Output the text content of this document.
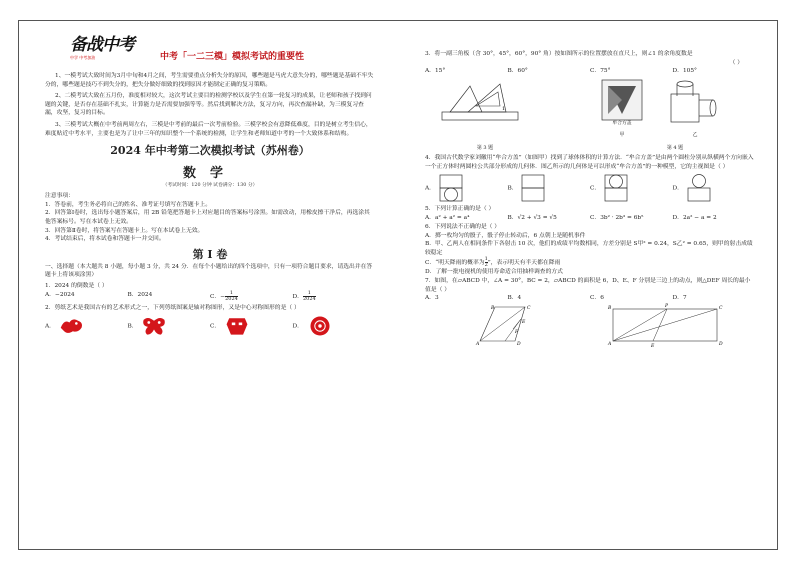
备战中考
中学 中考加油	中考「一二三模」模拟考试的重要性

1、一模考试大致时间为3月中旬和4月之间，考生需要重点分析失分的原因，哪些题是马虎大意失分的，哪些题是基础不牢失分的，哪些题是技巧不到失分的，把失分做好细致的找到原因才能制定正确的复习策略。

2、二模考试大致在五月份，准度相对较大，这次考试主要目的检测学校以及学生在第一轮复习的成果，让老师和孩子找到问题的关键，是否存在基础不扎实，计算能力是否需要加强等等。然后找到解决方法，复习方向，再次查漏补缺，为三模复习查漏，攻坚，复习的目标。

3、三模考试大概在中考前两周左右，三模是中考前的最后一次考前检验。三模学校会有意降低难度，目的是树立考生信心，难度贴近中考水平，主要也是为了让中三年的知识整个一个系统的检测，让学生和老师知道中考的一个大致体系和结构。

2024 年中考第二次模拟考试（苏州卷）
数学
（考试时间：120 分钟 试卷满分：130 分）

注意事项：

1．答卷前，考生务必将自己的姓名、准考证号填写在答题卡上。

2．回答第Ⅰ卷时，选出每小题答案后，用 2B 铅笔把答题卡上对应题目的答案标号涂黑。如需改动，用橡皮擦干净后，再选涂其他答案标号。写在本试卷上无效。

3．回答第Ⅱ卷时，将答案写在答题卡上。写在本试卷上无效。

4．考试结束后，将本试卷和答题卡一并交回。

第 I 卷

一、选择题（本大题共 8 小题，每小题 3 分，共 24 分．在每个小题给出的四个选项中，只有一项符合题目要求，请选出并在答题卡上将该项涂黑）

1．2024 的倒数是（ ）

A．−2024	B．2024	C．$-\frac{1}{2024}$	D．$\frac{1}{2024}$

2．剪纸艺术是我国古有的艺术形式之一，下列剪纸图案是轴对称图形，又是中心对称图形的是（ ）

A．	B．	C．	D．

3．将一副三角板（含 30°，45°，60°，90° 角）按如图所示的位置摆放在直尺上，则∠1 的余角度数是

（ ）

A．15°	B．60°	C．75°	D．105°
1
第 3 题
牟合方盖
甲	乙
第 4 题

4．我国古代数学家刘徽用“牟合方盖”（如图甲）找到了球体体积的计算方法．“牟合方盖”是由两个圆柱分别从纵横两个方向嵌入一个正方体时两圆柱公共部分形成的几何体．图乙所示的几何体是可以形成“牟合方盖”的一种模型，它的主视图是（ ）

A．	B．	C．	D．

5．下列计算正确的是（ ）

A．a² + a² = a⁴	B．√2 + √3 = √5	C．3b² · 2b³ = 6b⁵	D．2a² − a = 2

6．下列说法不正确的是（ ）

A．掷一枚均匀的骰子，骰子停止转动后，6 点朝上是随机事件

B．甲、乙两人在相同条件下各射击 10 次，他们的成绩平均数相同，方差分别是 S甲² = 0.24，S乙² = 0.65，则甲的射击成绩较稳定

C．“明天降雨的概率为$\frac{1}{2}$ ”，表示明天有半天都在降雨

D．了解一批电视机的使用寿命适合用抽样调查的方式

7．如图，在▱ABCD 中，∠A = 30°，BC = 2，▱ABCD 的面积是 6，D、E、F 分别是三边上的动点，则△DEF 周长的最小值是（ ）

A．3	B．4	C．6	D．7
A	D
C
B
E
F
A
B	C
D
P
E
